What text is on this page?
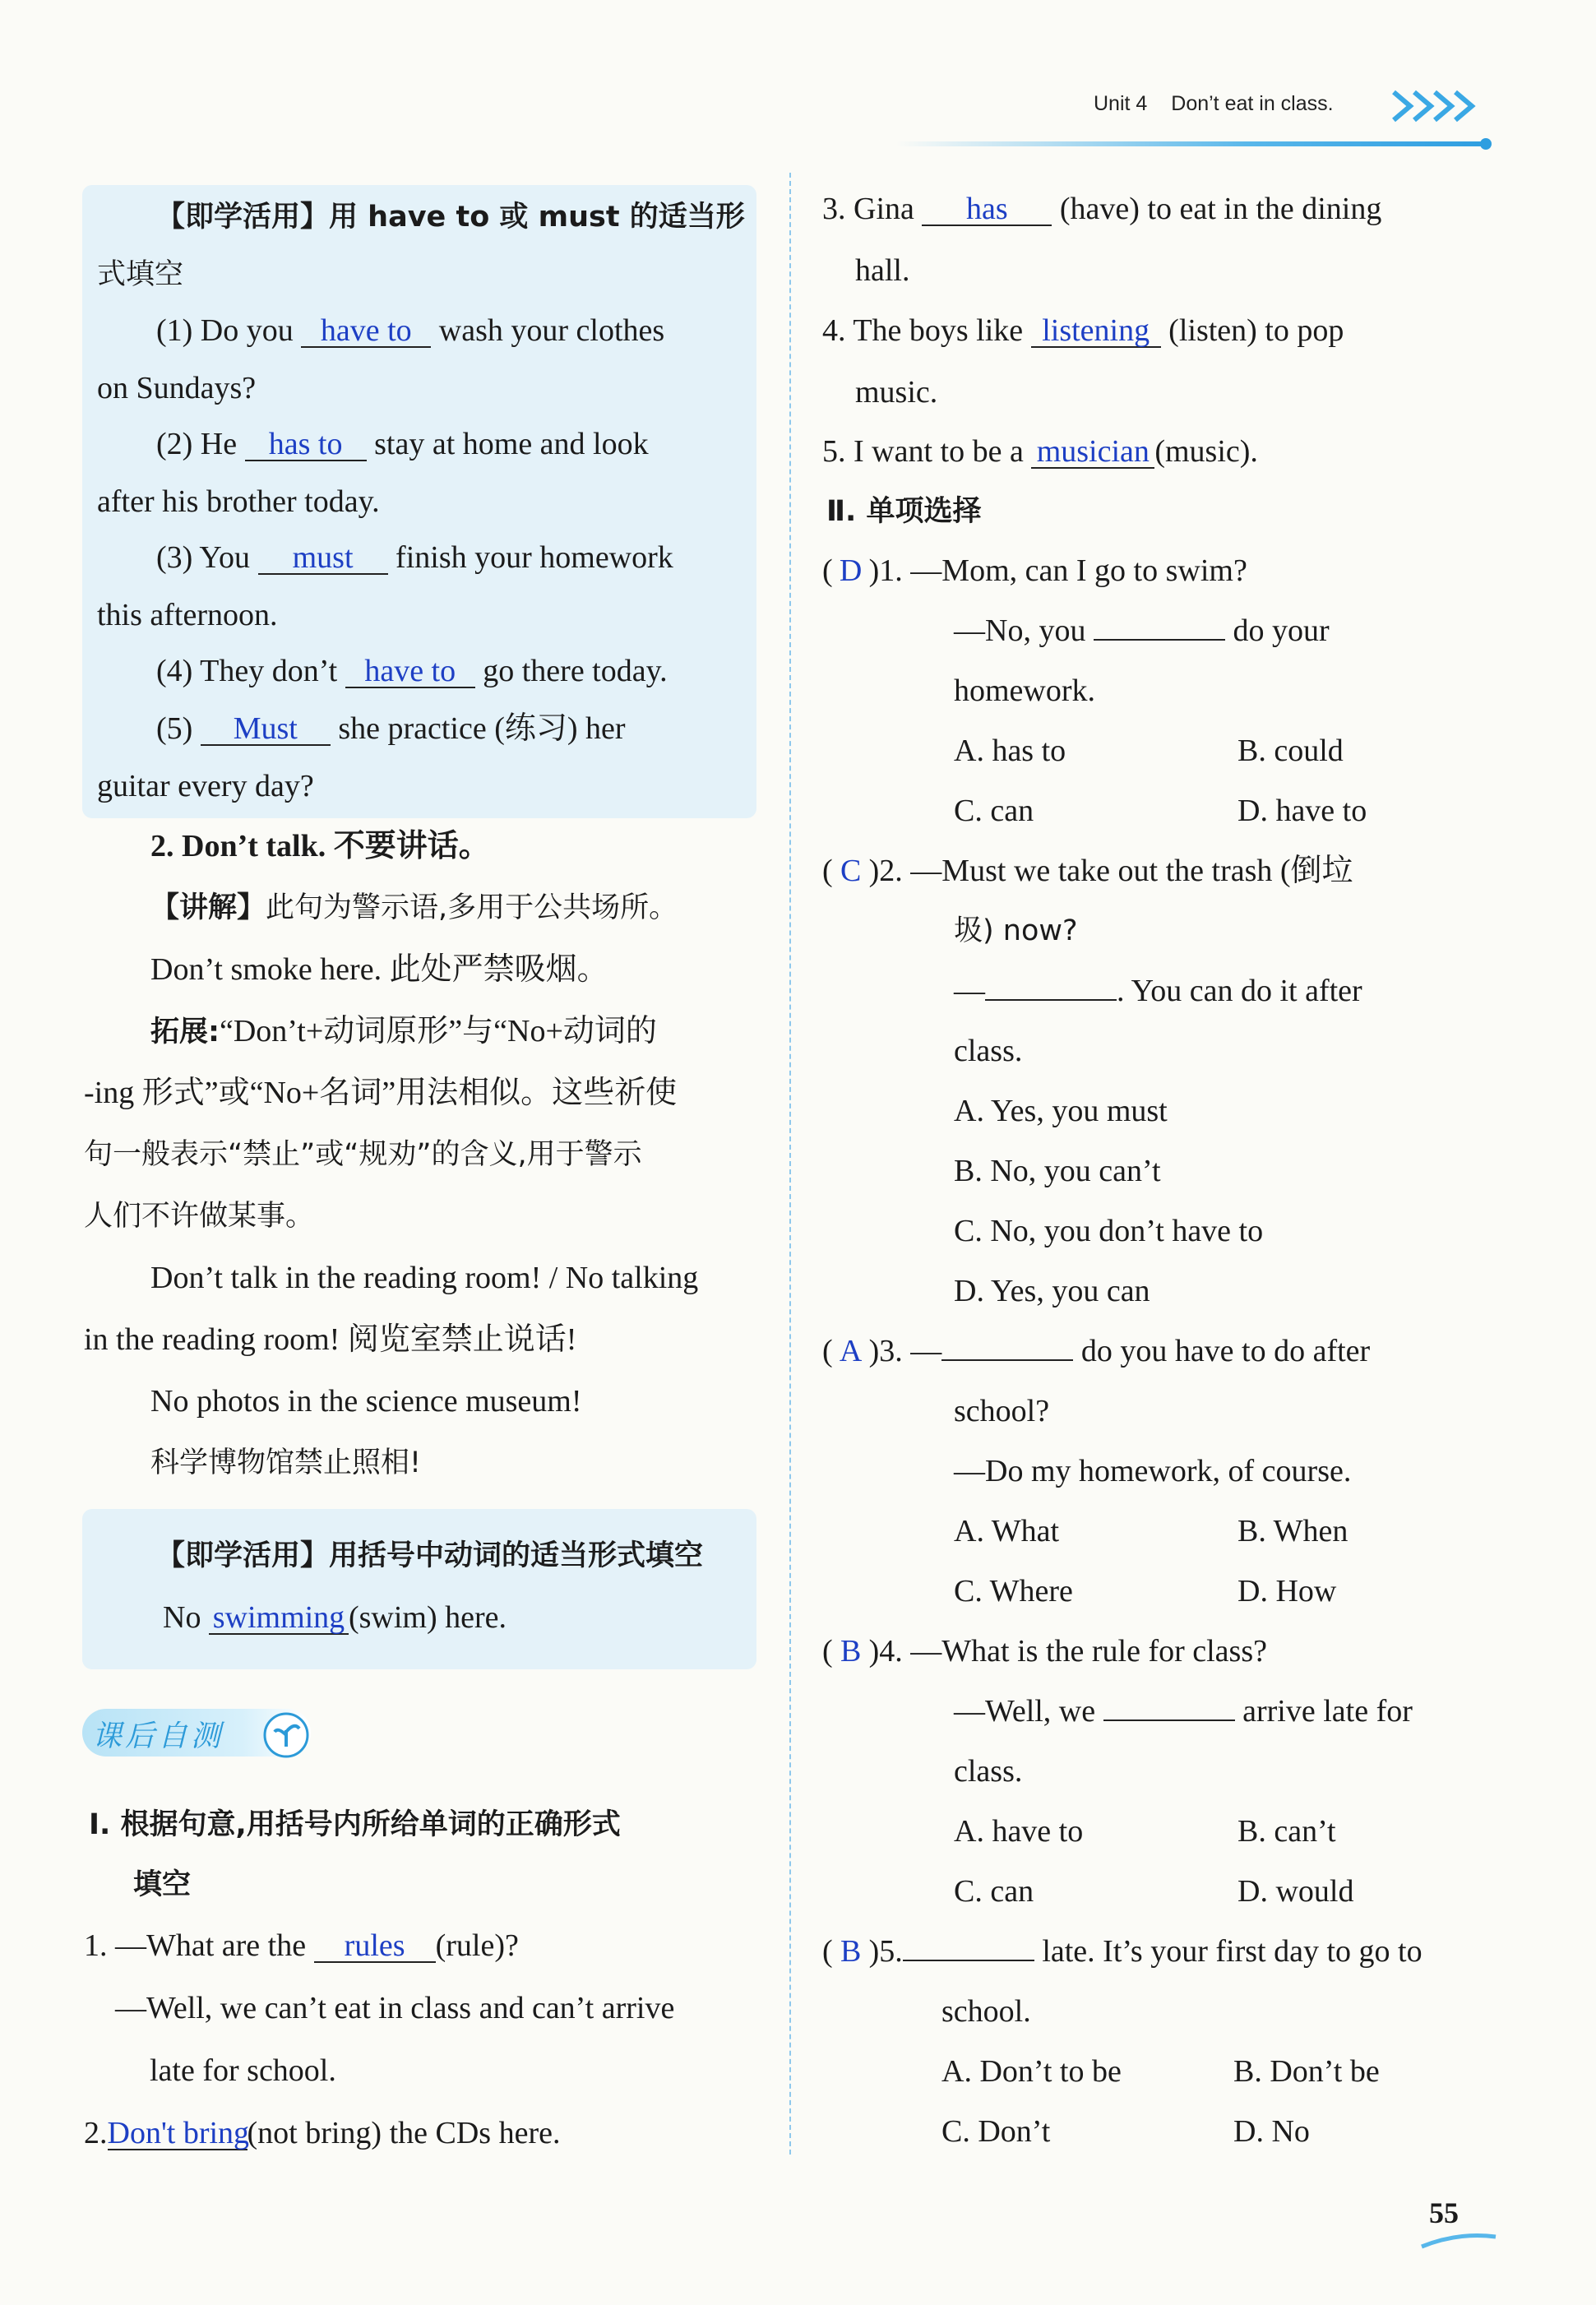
Unit 4 Don’t eat in class.
【即学活用】用 have to 或 must 的适当形
式填空
(1) Do you have to wash your clothes
on Sundays?
(2) He has to stay at home and look
after his brother today.
(3) You must finish your homework
this afternoon.
(4) They don’t have to go there today.
(5) Must she practice (练习) her
guitar every day?
2. Don’t talk. 不要讲话。
【讲解】此句为警示语,多用于公共场所。
Don’t smoke here. 此处严禁吸烟。
拓展:“Don’t+动词原形”与“No+动词的
-ing 形式”或“No+名词”用法相似。这些祈使
句一般表示“禁止”或“规劝”的含义,用于警示
人们不许做某事。
Don’t talk in the reading room! / No talking
in the reading room! 阅览室禁止说话!
No photos in the science museum!
科学博物馆禁止照相!
【即学活用】用括号中动词的适当形式填空
No swimming (swim) here.
课后自测
Ⅰ. 根据句意,用括号内所给单词的正确形式
填空
1. —What are the rules (rule)?
—Well, we can’t eat in class and can’t arrive
late for school.
2.Don't bring(not bring) the CDs here.
3. Gina has (have) to eat in the dining
hall.
4. The boys like listening (listen) to pop
music.
5. I want to be a musician (music).
Ⅱ. 单项选择
( D )1. —Mom, can I go to swim?
—No, you	do your
homework.
A. has to	B. could
C. can	D. have to
( C )2. —Must we take out the trash (倒垃
圾) now?
—	. You can do it after
class.
A. Yes, you must
B. No, you can’t
C. No, you don’t have to
D. Yes, you can
( A )3. —	do you have to do after
school?
—Do my homework, of course.
A. What	B. When
C. Where	D. How
( B )4. —What is the rule for class?
—Well, we	arrive late for
class.
A. have to	B. can’t
C. can	D. would
( B )5.	late. It’s your first day to go to
school.
A. Don’t to be	B. Don’t be
C. Don’t	D. No
55
